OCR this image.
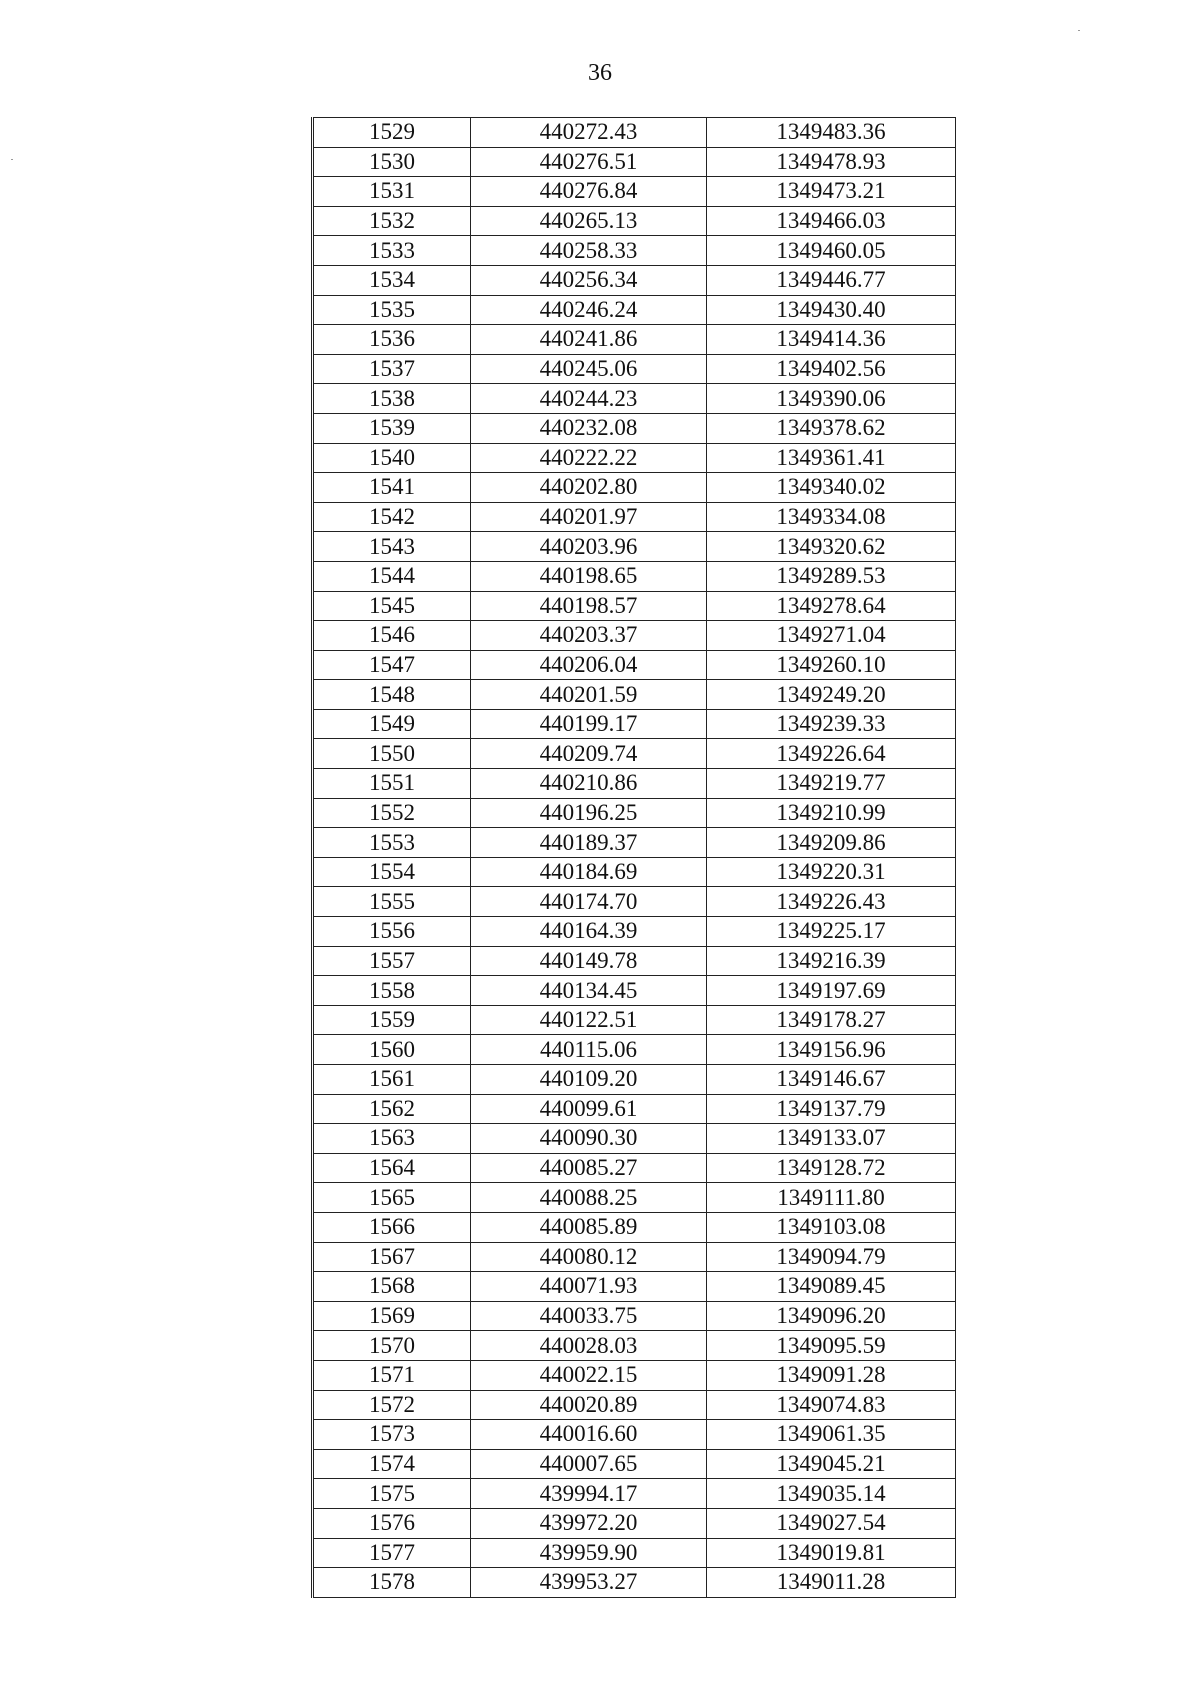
36
1529	440272.43	1349483.36
1530	440276.51	1349478.93
1531	440276.84	1349473.21
1532	440265.13	1349466.03
1533	440258.33	1349460.05
1534	440256.34	1349446.77
1535	440246.24	1349430.40
1536	440241.86	1349414.36
1537	440245.06	1349402.56
1538	440244.23	1349390.06
1539	440232.08	1349378.62
1540	440222.22	1349361.41
1541	440202.80	1349340.02
1542	440201.97	1349334.08
1543	440203.96	1349320.62
1544	440198.65	1349289.53
1545	440198.57	1349278.64
1546	440203.37	1349271.04
1547	440206.04	1349260.10
1548	440201.59	1349249.20
1549	440199.17	1349239.33
1550	440209.74	1349226.64
1551	440210.86	1349219.77
1552	440196.25	1349210.99
1553	440189.37	1349209.86
1554	440184.69	1349220.31
1555	440174.70	1349226.43
1556	440164.39	1349225.17
1557	440149.78	1349216.39
1558	440134.45	1349197.69
1559	440122.51	1349178.27
1560	440115.06	1349156.96
1561	440109.20	1349146.67
1562	440099.61	1349137.79
1563	440090.30	1349133.07
1564	440085.27	1349128.72
1565	440088.25	1349111.80
1566	440085.89	1349103.08
1567	440080.12	1349094.79
1568	440071.93	1349089.45
1569	440033.75	1349096.20
1570	440028.03	1349095.59
1571	440022.15	1349091.28
1572	440020.89	1349074.83
1573	440016.60	1349061.35
1574	440007.65	1349045.21
1575	439994.17	1349035.14
1576	439972.20	1349027.54
1577	439959.90	1349019.81
1578	439953.27	1349011.28
